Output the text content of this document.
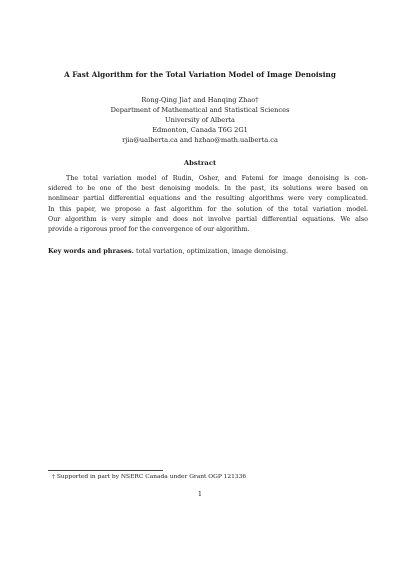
A Fast Algorithm for the Total Variation Model of Image Denoising
Rong-Qing Jia† and Hanqing Zhao†
Department of Mathematical and Statistical Sciences
University of Alberta
Edmonton, Canada T6G 2G1
rjia@ualberta.ca and hzhao@math.ualberta.ca
Abstract
The total variation model of Rudin, Osher, and Fatemi for image denoising is con-
sidered to be one of the best denoising models. In the past, its solutions were based on
nonlinear partial differential equations and the resulting algorithms were very complicated.
In this paper, we propose a fast algorithm for the solution of the total variation model.
Our algorithm is very simple and does not involve partial differential equations. We also
provide a rigorous proof for the convergence of our algorithm.
Key words and phrases. total variation, optimization, image denoising.
† Supported in part by NSERC Canada under Grant OGP 121336
1
